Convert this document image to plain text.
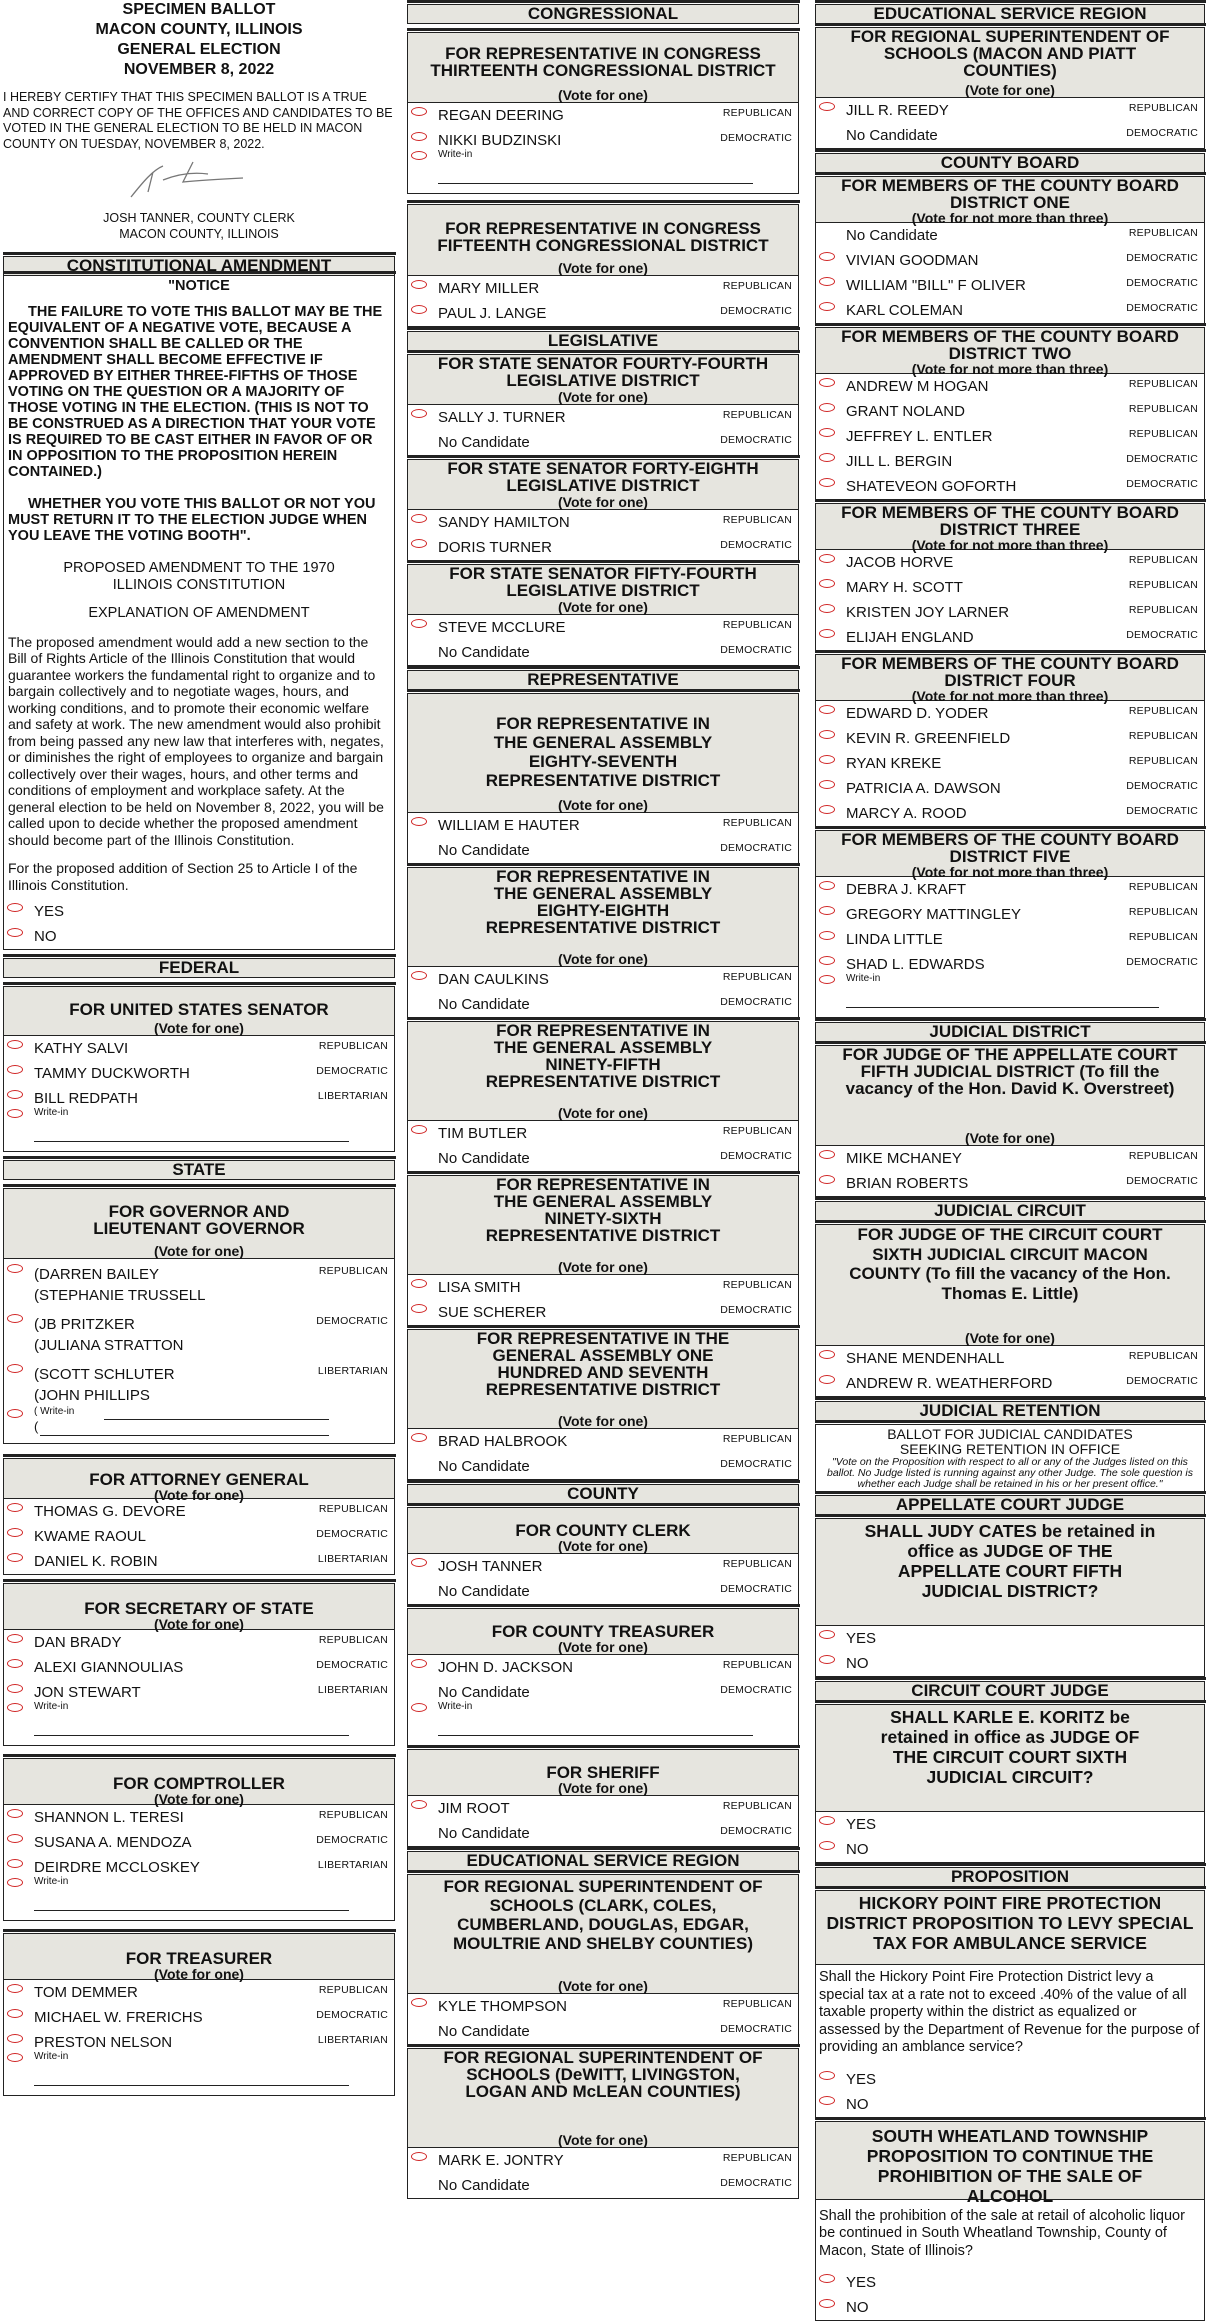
SPECIMEN BALLOT
MACON COUNTY, ILLINOIS
GENERAL ELECTION
NOVEMBER 8, 2022
I HEREBY CERTIFY THAT THIS SPECIMEN BALLOT IS A TRUE AND CORRECT COPY OF THE OFFICES AND CANDIDATES TO BE VOTED IN THE GENERAL ELECTION TO BE HELD IN MACON COUNTY ON TUESDAY, NOVEMBER 8, 2022.
JOSH TANNER, COUNTY CLERK
MACON COUNTY, ILLINOIS
CONSTITUTIONAL AMENDMENT
"NOTICE
THE FAILURE TO VOTE THIS BALLOT MAY BE THE EQUIVALENT OF A NEGATIVE VOTE, BECAUSE A CONVENTION SHALL BE CALLED OR THE AMENDMENT SHALL BECOME EFFECTIVE IF APPROVED BY EITHER THREE-FIFTHS OF THOSE VOTING ON THE QUESTION OR A MAJORITY OF THOSE VOTING IN THE ELECTION. (THIS IS NOT TO BE CONSTRUED AS A DIRECTION THAT YOUR VOTE IS REQUIRED TO BE CAST EITHER IN FAVOR OF OR IN OPPOSITION TO THE PROPOSITION HEREIN CONTAINED.)
WHETHER YOU VOTE THIS BALLOT OR NOT YOU MUST RETURN IT TO THE ELECTION JUDGE WHEN YOU LEAVE THE VOTING BOOTH".
PROPOSED AMENDMENT TO THE 1970 ILLINOIS CONSTITUTION
EXPLANATION OF AMENDMENT
The proposed amendment would add a new section to the Bill of Rights Article of the Illinois Constitution that would guarantee workers the fundamental right to organize and to bargain collectively and to negotiate wages, hours, and working conditions, and to promote their economic welfare and safety at work. The new amendment would also prohibit from being passed any new law that interferes with, negates, or diminishes the right of employees to organize and bargain collectively over their wages, hours, and other terms and conditions of employment and workplace safety. At the general election to be held on November 8, 2022, you will be called upon to decide whether the proposed amendment should become part of the Illinois Constitution.
For the proposed addition of Section 25 to Article I of the Illinois Constitution.
YES
NO
FEDERAL
FOR UNITED STATES SENATOR
(Vote for one)
KATHY SALVI	REPUBLICAN
TAMMY DUCKWORTH	DEMOCRATIC
BILL REDPATH	LIBERTARIAN
Write-in
STATE
FOR GOVERNOR AND LIEUTENANT GOVERNOR
(Vote for one)
(DARREN BAILEY
(STEPHANIE TRUSSELL
REPUBLICAN
(JB PRITZKER
(JULIANA STRATTON
DEMOCRATIC
(SCOTT SCHLUTER
(JOHN PHILLIPS
LIBERTARIAN
( Write-in
(
FOR ATTORNEY GENERAL
(Vote for one)
THOMAS G. DEVORE	REPUBLICAN
KWAME RAOUL	DEMOCRATIC
DANIEL K. ROBIN	LIBERTARIAN
FOR SECRETARY OF STATE
(Vote for one)
DAN BRADY	REPUBLICAN
ALEXI GIANNOULIAS	DEMOCRATIC
JON STEWART	LIBERTARIAN
Write-in
FOR COMPTROLLER
(Vote for one)
SHANNON L. TERESI	REPUBLICAN
SUSANA A. MENDOZA	DEMOCRATIC
DEIRDRE MCCLOSKEY	LIBERTARIAN
Write-in
FOR TREASURER
(Vote for one)
TOM DEMMER	REPUBLICAN
MICHAEL W. FRERICHS	DEMOCRATIC
PRESTON NELSON	LIBERTARIAN
Write-in
CONGRESSIONAL
FOR REPRESENTATIVE IN CONGRESS THIRTEENTH CONGRESSIONAL DISTRICT
(Vote for one)
REGAN DEERING	REPUBLICAN
NIKKI BUDZINSKI	DEMOCRATIC
Write-in
FOR REPRESENTATIVE IN CONGRESS FIFTEENTH CONGRESSIONAL DISTRICT
(Vote for one)
MARY MILLER	REPUBLICAN
PAUL J. LANGE	DEMOCRATIC
LEGISLATIVE
FOR STATE SENATOR FOURTY-FOURTH LEGISLATIVE DISTRICT
(Vote for one)
SALLY J. TURNER	REPUBLICAN
No Candidate	DEMOCRATIC
FOR STATE SENATOR FORTY-EIGHTH LEGISLATIVE DISTRICT
(Vote for one)
SANDY HAMILTON	REPUBLICAN
DORIS TURNER	DEMOCRATIC
FOR STATE SENATOR FIFTY-FOURTH LEGISLATIVE DISTRICT
(Vote for one)
STEVE MCCLURE	REPUBLICAN
No Candidate	DEMOCRATIC
REPRESENTATIVE
FOR REPRESENTATIVE IN THE GENERAL ASSEMBLY EIGHTY-SEVENTH REPRESENTATIVE DISTRICT
(Vote for one)
WILLIAM E HAUTER	REPUBLICAN
No Candidate	DEMOCRATIC
FOR REPRESENTATIVE IN THE GENERAL ASSEMBLY EIGHTY-EIGHTH REPRESENTATIVE DISTRICT
(Vote for one)
DAN CAULKINS	REPUBLICAN
No Candidate	DEMOCRATIC
FOR REPRESENTATIVE IN THE GENERAL ASSEMBLY NINETY-FIFTH REPRESENTATIVE DISTRICT
(Vote for one)
TIM BUTLER	REPUBLICAN
No Candidate	DEMOCRATIC
FOR REPRESENTATIVE IN THE GENERAL ASSEMBLY NINETY-SIXTH REPRESENTATIVE DISTRICT
(Vote for one)
LISA SMITH	REPUBLICAN
SUE SCHERER	DEMOCRATIC
FOR REPRESENTATIVE IN THE GENERAL ASSEMBLY ONE HUNDRED AND SEVENTH REPRESENTATIVE DISTRICT
(Vote for one)
BRAD HALBROOK	REPUBLICAN
No Candidate	DEMOCRATIC
COUNTY
FOR COUNTY CLERK
(Vote for one)
JOSH TANNER	REPUBLICAN
No Candidate	DEMOCRATIC
FOR COUNTY TREASURER
(Vote for one)
JOHN D. JACKSON	REPUBLICAN
No Candidate	DEMOCRATIC
Write-in
FOR SHERIFF
(Vote for one)
JIM ROOT	REPUBLICAN
No Candidate	DEMOCRATIC
EDUCATIONAL SERVICE REGION
FOR REGIONAL SUPERINTENDENT OF SCHOOLS (CLARK, COLES, CUMBERLAND, DOUGLAS, EDGAR, MOULTRIE AND SHELBY COUNTIES)
(Vote for one)
KYLE THOMPSON	REPUBLICAN
No Candidate	DEMOCRATIC
FOR REGIONAL SUPERINTENDENT OF SCHOOLS (DeWITT, LIVINGSTON, LOGAN AND McLEAN COUNTIES)
(Vote for one)
MARK E. JONTRY	REPUBLICAN
No Candidate	DEMOCRATIC
EDUCATIONAL SERVICE REGION
FOR REGIONAL SUPERINTENDENT OF SCHOOLS (MACON AND PIATT COUNTIES)
(Vote for one)
JILL R. REEDY	REPUBLICAN
No Candidate	DEMOCRATIC
COUNTY BOARD
FOR MEMBERS OF THE COUNTY BOARD DISTRICT ONE
(Vote for not more than three)
No Candidate	REPUBLICAN
VIVIAN GOODMAN	DEMOCRATIC
WILLIAM "BILL" F OLIVER	DEMOCRATIC
KARL COLEMAN	DEMOCRATIC
FOR MEMBERS OF THE COUNTY BOARD DISTRICT TWO
(Vote for not more than three)
ANDREW M HOGAN	REPUBLICAN
GRANT NOLAND	REPUBLICAN
JEFFREY L. ENTLER	REPUBLICAN
JILL L. BERGIN	DEMOCRATIC
SHATEVEON GOFORTH	DEMOCRATIC
FOR MEMBERS OF THE COUNTY BOARD DISTRICT THREE
(Vote for not more than three)
JACOB HORVE	REPUBLICAN
MARY H. SCOTT	REPUBLICAN
KRISTEN JOY LARNER	REPUBLICAN
ELIJAH ENGLAND	DEMOCRATIC
FOR MEMBERS OF THE COUNTY BOARD DISTRICT FOUR
(Vote for not more than three)
EDWARD D. YODER	REPUBLICAN
KEVIN R. GREENFIELD	REPUBLICAN
RYAN KREKE	REPUBLICAN
PATRICIA A. DAWSON	DEMOCRATIC
MARCY A. ROOD	DEMOCRATIC
FOR MEMBERS OF THE COUNTY BOARD DISTRICT FIVE
(Vote for not more than three)
DEBRA J. KRAFT	REPUBLICAN
GREGORY MATTINGLEY	REPUBLICAN
LINDA LITTLE	REPUBLICAN
SHAD L. EDWARDS	DEMOCRATIC
Write-in
JUDICIAL DISTRICT
FOR JUDGE OF THE APPELLATE COURT FIFTH JUDICIAL DISTRICT (To fill the vacancy of the Hon. David K. Overstreet)
(Vote for one)
MIKE MCHANEY	REPUBLICAN
BRIAN ROBERTS	DEMOCRATIC
JUDICIAL CIRCUIT
FOR JUDGE OF THE CIRCUIT COURT SIXTH JUDICIAL CIRCUIT MACON COUNTY (To fill the vacancy of the Hon. Thomas E. Little)
(Vote for one)
SHANE MENDENHALL	REPUBLICAN
ANDREW R. WEATHERFORD	DEMOCRATIC
JUDICIAL RETENTION
BALLOT FOR JUDICIAL CANDIDATES SEEKING RETENTION IN OFFICE
"Vote on the Proposition with respect to all or any of the Judges listed on this ballot. No Judge listed is running against any other Judge. The sole question is whether each Judge shall be retained in his or her present office."
APPELLATE COURT JUDGE
SHALL JUDY CATES be retained in office as JUDGE OF THE APPELLATE COURT FIFTH JUDICIAL DISTRICT?
YES
NO
CIRCUIT COURT JUDGE
SHALL KARLE E. KORITZ be retained in office as JUDGE OF THE CIRCUIT COURT SIXTH JUDICIAL CIRCUIT?
YES
NO
PROPOSITION
HICKORY POINT FIRE PROTECTION DISTRICT PROPOSITION TO LEVY SPECIAL TAX FOR AMBULANCE SERVICE
Shall the Hickory Point Fire Protection District levy a special tax at a rate not to exceed .40% of the value of all taxable property within the district as equalized or assessed by the Department of Revenue for the purpose of providing an amblance service?
YES
NO
SOUTH WHEATLAND TOWNSHIP PROPOSITION TO CONTINUE THE PROHIBITION OF THE SALE OF ALCOHOL
Shall the prohibition of the sale at retail of alcoholic liquor be continued in South Wheatland Township, County of Macon, State of Illinois?
YES
NO
